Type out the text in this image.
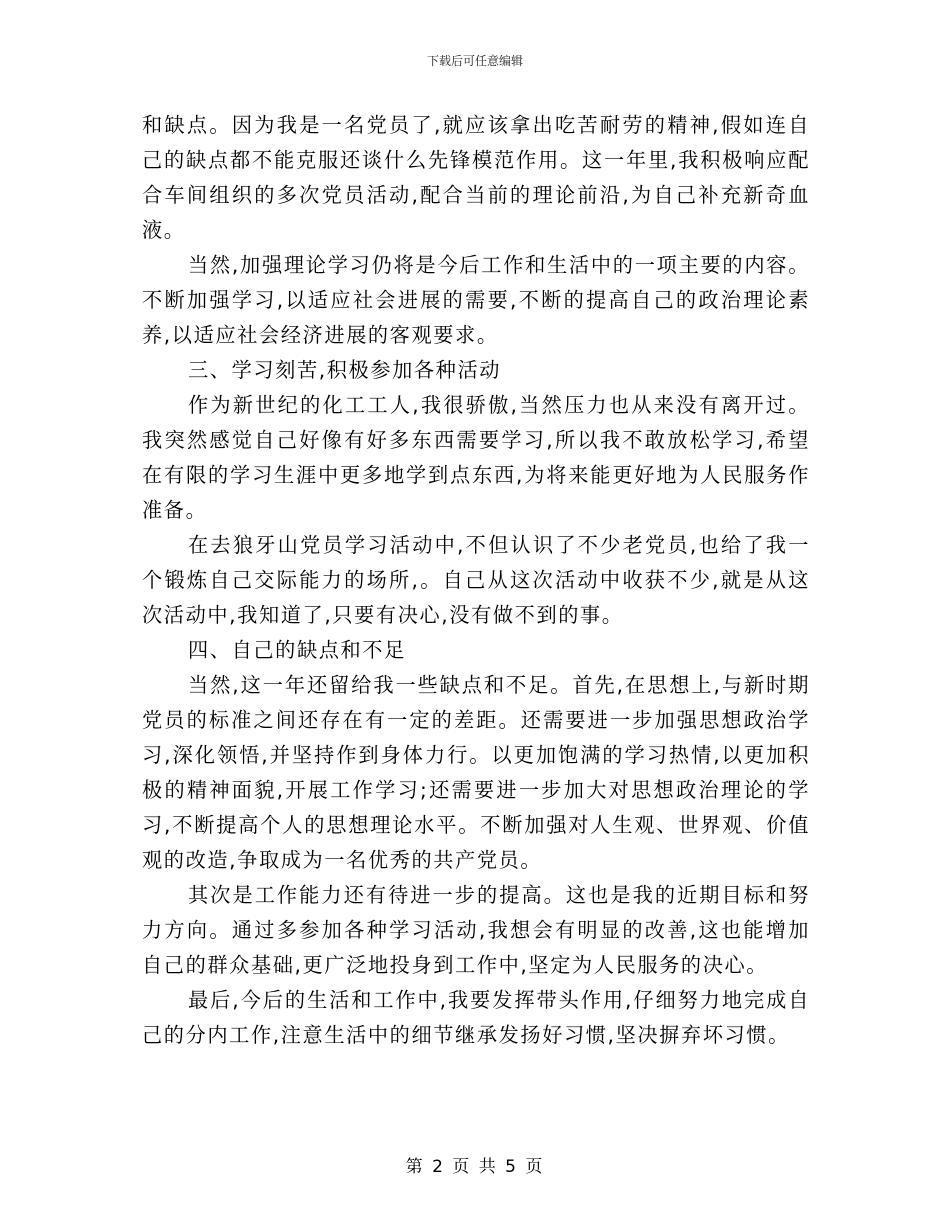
下载后可任意编辑

和缺点。因为我是一名党员了,就应该拿出吃苦耐劳的精神,假如连自己的缺点都不能克服还谈什么先锋模范作用。这一年里,我积极响应配合车间组织的多次党员活动,配合当前的理论前沿,为自己补充新奇血液。

当然,加强理论学习仍将是今后工作和生活中的一项主要的内容。不断加强学习,以适应社会进展的需要,不断的提高自己的政治理论素养,以适应社会经济进展的客观要求。

三、学习刻苦,积极参加各种活动

作为新世纪的化工工人,我很骄傲,当然压力也从来没有离开过。我突然感觉自己好像有好多东西需要学习,所以我不敢放松学习,希望在有限的学习生涯中更多地学到点东西,为将来能更好地为人民服务作准备。

在去狼牙山党员学习活动中,不但认识了不少老党员,也给了我一个锻炼自己交际能力的场所,。自己从这次活动中收获不少,就是从这次活动中,我知道了,只要有决心,没有做不到的事。

四、自己的缺点和不足

当然,这一年还留给我一些缺点和不足。首先,在思想上,与新时期党员的标准之间还存在有一定的差距。还需要进一步加强思想政治学习,深化领悟,并坚持作到身体力行。以更加饱满的学习热情,以更加积极的精神面貌,开展工作学习;还需要进一步加大对思想政治理论的学习,不断提高个人的思想理论水平。不断加强对人生观、世界观、价值观的改造,争取成为一名优秀的共产党员。

其次是工作能力还有待进一步的提高。这也是我的近期目标和努力方向。通过多参加各种学习活动,我想会有明显的改善,这也能增加自己的群众基础,更广泛地投身到工作中,坚定为人民服务的决心。

最后,今后的生活和工作中,我要发挥带头作用,仔细努力地完成自己的分内工作,注意生活中的细节继承发扬好习惯,坚决摒弃坏习惯。

第 2 页 共 5 页
